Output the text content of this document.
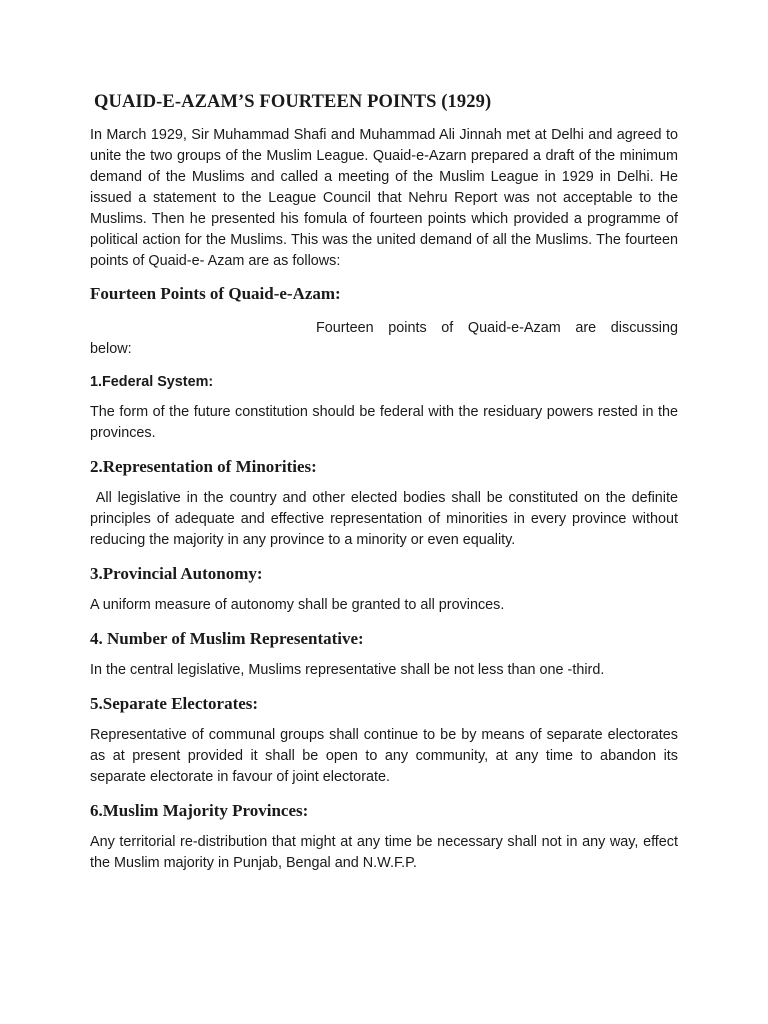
QUAID-E-AZAM’S FOURTEEN POINTS (1929)

In March 1929, Sir Muhammad Shafi and Muhammad Ali Jinnah met at Delhi and agreed to unite the two groups of the Muslim League. Quaid-e-Azarn prepared a draft of the minimum demand of the Muslims and called a meeting of the Muslim League in 1929 in Delhi. He issued a statement to the League Council that Nehru Report was not acceptable to the Muslims. Then he presented his fomula of fourteen points which provided a programme of political action for the Muslims. This was the united demand of all the Muslims. The fourteen points of Quaid-e- Azam are as follows:

Fourteen Points of Quaid-e-Azam:
Fourteen points of Quaid-e-Azam are discussing
below:
1.Federal System:

The form of the future constitution should be federal with the residuary powers rested in the provinces.

2.Representation of Minorities:

All legislative in the country and other elected bodies shall be constituted on the definite principles of adequate and effective representation of minorities in every province without reducing the majority in any province to a minority or even equality.

3.Provincial Autonomy:

A uniform measure of autonomy shall be granted to all provinces.

4. Number of Muslim Representative:

In the central legislative, Muslims representative shall be not less than one -third.

5.Separate Electorates:

Representative of communal groups shall continue to be by means of separate electorates as at present provided it shall be open to any community, at any time to abandon its separate electorate in favour of joint electorate.

6.Muslim Majority Provinces:

Any territorial re-distribution that might at any time be necessary shall not in any way, effect the Muslim majority in Punjab, Bengal and N.W.F.P.
